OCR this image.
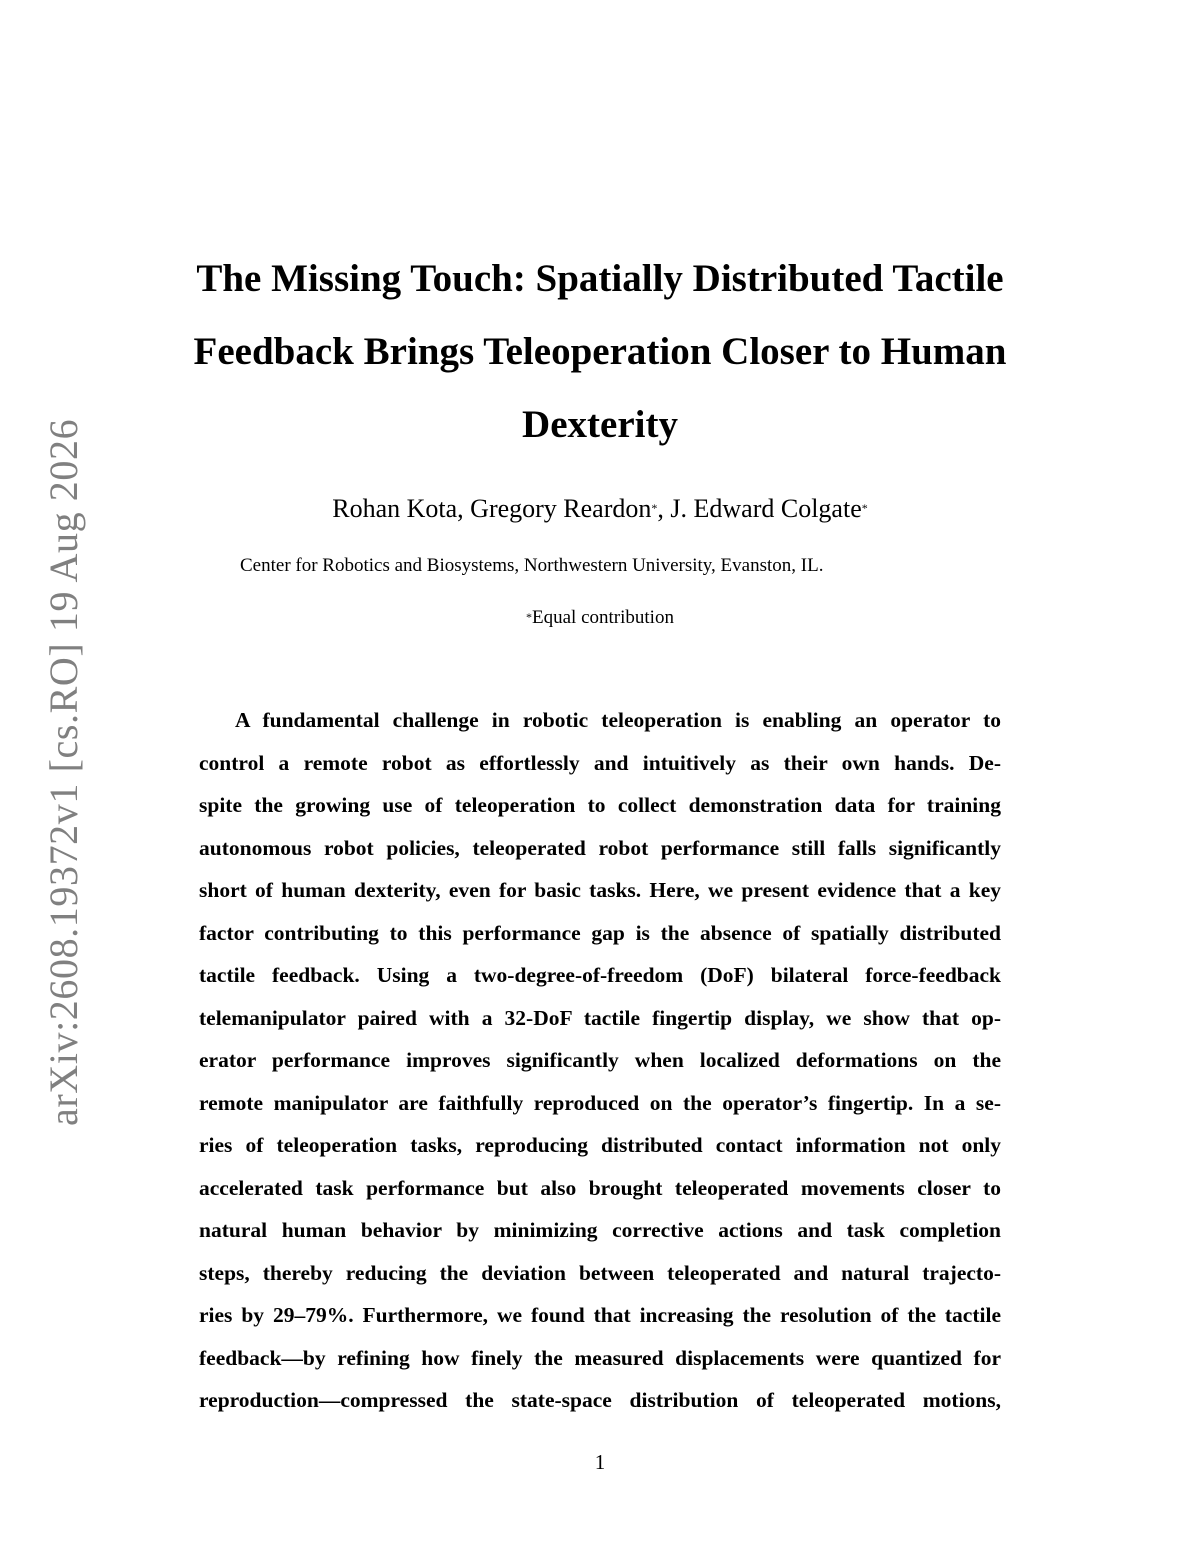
arXiv:2608.19372v1 [cs.RO] 19 Aug 2026
The Missing Touch: Spatially Distributed Tactile Feedback Brings Teleoperation Closer to Human Dexterity
Rohan Kota, Gregory Reardon*, J. Edward Colgate*
Center for Robotics and Biosystems, Northwestern University, Evanston, IL.
*Equal contribution
A fundamental challenge in robotic teleoperation is enabling an operator to
control a remote robot as effortlessly and intuitively as their own hands. De-
spite the growing use of teleoperation to collect demonstration data for training
autonomous robot policies, teleoperated robot performance still falls significantly
short of human dexterity, even for basic tasks. Here, we present evidence that a key
factor contributing to this performance gap is the absence of spatially distributed
tactile feedback. Using a two-degree-of-freedom (DoF) bilateral force-feedback
telemanipulator paired with a 32-DoF tactile fingertip display, we show that op-
erator performance improves significantly when localized deformations on the
remote manipulator are faithfully reproduced on the operator’s fingertip. In a se-
ries of teleoperation tasks, reproducing distributed contact information not only
accelerated task performance but also brought teleoperated movements closer to
natural human behavior by minimizing corrective actions and task completion
steps, thereby reducing the deviation between teleoperated and natural trajecto-
ries by 29–79%. Furthermore, we found that increasing the resolution of the tactile
feedback—by refining how finely the measured displacements were quantized for
reproduction—compressed the state-space distribution of teleoperated motions,
1
